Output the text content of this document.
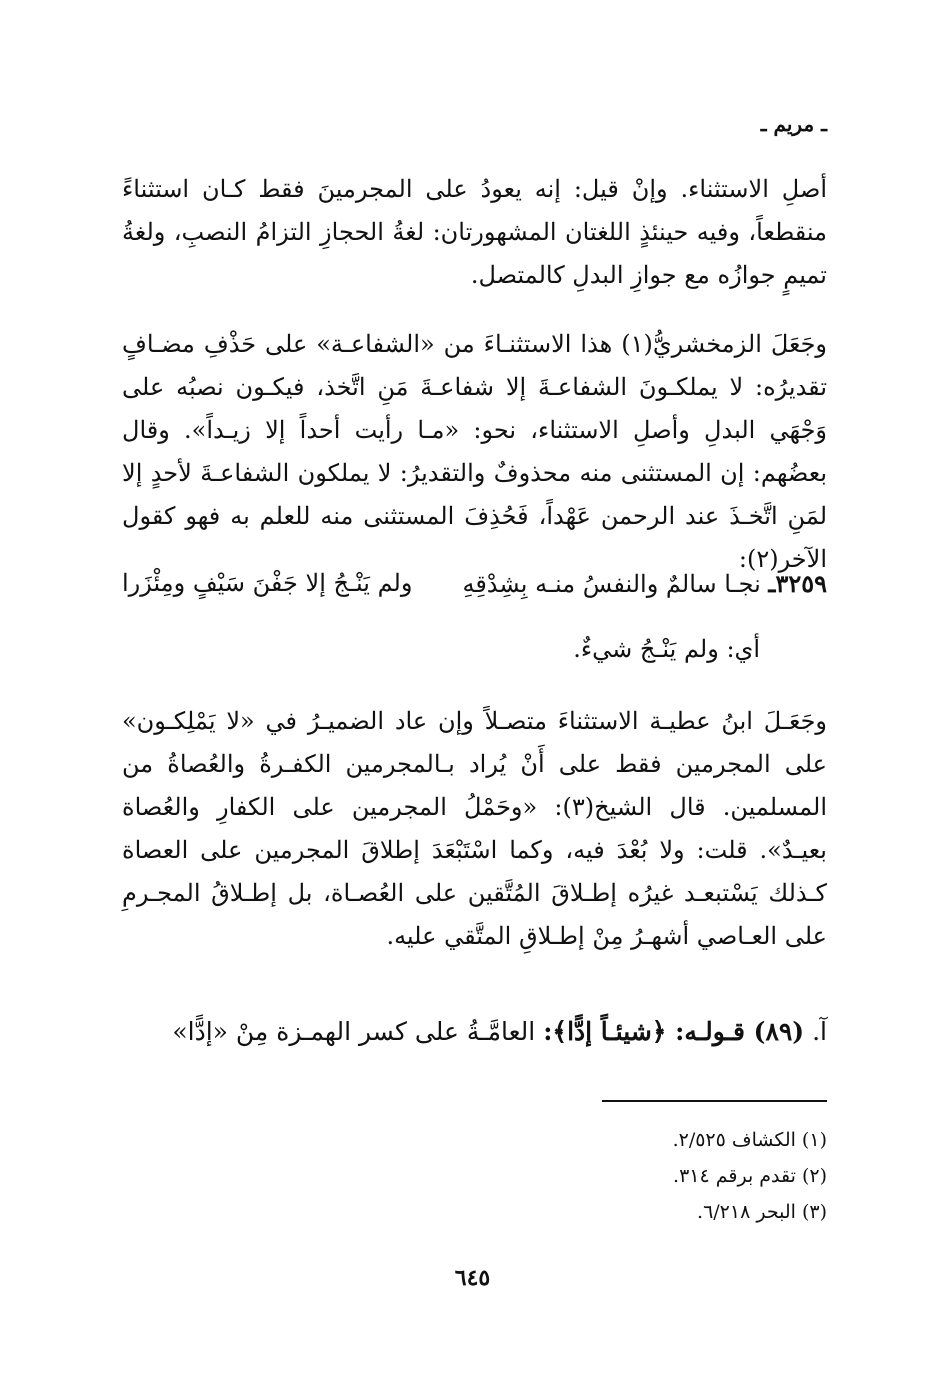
ـ مريم ـ
أصلِ الاستثناء. وإنْ قيل: إنه يعودُ على المجرمينَ فقط كـان استثناءً منقطعاً، وفيه حينئذٍ اللغتان المشهورتان: لغةُ الحجازِ التزامُ النصبِ، ولغةُ تميمٍ جوازُه مع جوازِ البدلِ كالمتصل.
وجَعَلَ الزمخشريُّ(١) هذا الاستثنـاءَ من «الشفاعـة» على حَذْفِ مضـافٍ تقديرُه: لا يملكـونَ الشفاعـةَ إلا شفاعـةَ مَنِ اتَّخذ، فيكـون نصبُه على وَجْهَي البدلِ وأصلِ الاستثناء، نحو: «مـا رأيت أحداً إلا زيـداً». وقال بعضُهم: إن المستثنى منه محذوفٌ والتقديرُ: لا يملكون الشفاعـةَ لأحدٍ إلا لمَنِ اتَّخـذَ عند الرحمن عَهْداً، فَحُذِفَ المستثنى منه للعلم به فهو كقول الآخر(٢):
٣٢٥٩ـ نجـا سالمٌ والنفسُ منـه بِشِدْقِهِ
ولم يَنْـجُ إلا جَفْنَ سَيْفٍ ومِئْزَرا
أي: ولم يَنْـجُ شيءٌ.
وجَعَـلَ ابنُ عطيـة الاستثناءَ متصـلاً وإن عاد الضميـرُ في «لا يَمْلِكـون» على المجرمين فقط على أَنْ يُراد بـالمجرمين الكفـرةُ والعُصاةُ من المسلمين. قال الشيخ(٣): «وحَمْلُ المجرمين على الكفارِ والعُصاة بعيـدٌ». قلت: ولا بُعْدَ فيه، وكما اسْتَبْعَدَ إطلاقَ المجرمين على العصاة كـذلك يَسْتبعـد غيرُه إطـلاقَ المُتَّقين على العُصـاة، بل إطـلاقُ المجـرمِ على العـاصي أشهـرُ مِنْ إطـلاقِ المتَّقي عليه.
آ. (٨٩) قـولـه: ﴿شيئـاً إدًّا﴾: العامَّـةُ على كسر الهمـزة مِنْ «إدًّا»
(١) الكشاف ٢/٥٢٥.
(٢) تقدم برقم ٣١٤.
(٣) البحر ٦/٢١٨.
٦٤٥
